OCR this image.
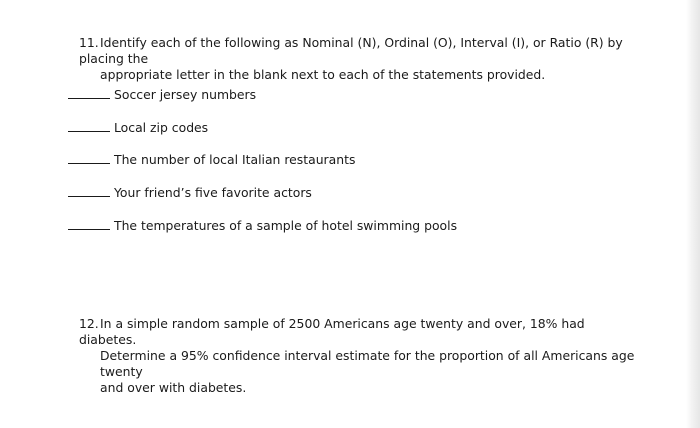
11.Identify each of the following as Nominal (N), Ordinal (O), Interval (I), or Ratio (R) by placing the
appropriate letter in the blank next to each of the statements provided.
Soccer jersey numbers
Local zip codes
The number of local Italian restaurants
Your friend’s five favorite actors
The temperatures of a sample of hotel swimming pools
12.In a simple random sample of 2500 Americans age twenty and over, 18% had diabetes.
Determine a 95% confidence interval estimate for the proportion of all Americans age twenty
and over with diabetes.
